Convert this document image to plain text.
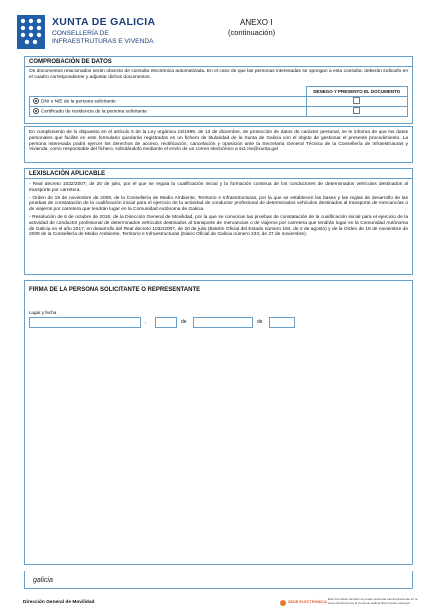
XUNTA DE GALICIA
CONSELLERÍA DE
INFRAESTRUTURAS E VIVENDA
ANEXO I
(continuación)
COMPROBACIÓN DE DATOS
Os documentos relacionados serán obxecto de consulta electrónica automatizada. En el caso de que las personas interesadas se opongan a esta consulta, deberán indicarlo en el cuadro correspondiente y adjuntar dichos documentos.
	DENEGO Y PRESENTO EL DOCUMENTO
DNI o NIE de la persona solicitante	
Certificado de residencia de la persona solicitante	
En cumplimiento de lo dispuesto en el artículo 5 de la Ley orgánica 15/1999, de 13 de diciembre, de protección de datos de carácter personal, se le informa de que los datos personales que facilite en este formulario quedarán registrados en un fichero de titularidad de la Xunta de Galicia con el objeto de gestionar el presente procedimiento. La persona interesada podrá ejercer los derechos de acceso, rectificación, cancelación y oposición ante la Secretaría General Técnica de la Consellería de Infraestruturas y Vivienda, como responsable del fichero, solicitándolo mediante el envío de un correo electrónico a sxt.civi@xunta.gal
LEXISLACIÓN APLICABLE
- Real decreto 1032/2007, de 20 de julio, por el que se regula la cualificación inicial y la formación continua de los conductores de determinados vehículos destinados al transporte por carretera.
- Orden de 19 de noviembre de 2009, de la Consellería de Medio Ambiente, Territorio e Infraestructuras, por la que se establecen las bases y las reglas de desarrollo de las pruebas de constatación de la cualificación inicial para el ejercicio de la actividad de conductor profesional de determinados vehículos destinados al transporte de mercancías o de viajeros por carretera que tendrán lugar en la Comunidad Autónoma de Galicia.
- Resolución de 6 de octubre de 2016, de la Dirección General de Movilidad, por la que se convocan las pruebas de constatación de la cualificación inicial para el ejercicio de la actividad de conductor profesional de determinados vehículos destinados al transporte de mercancías o de viajeros por carretera que tendrán lugar en la Comunidad Autónoma de Galicia en el año 2017, en desarrollo del Real decreto 1032/2007, de 20 de julio (Boletín Oficial del Estado número 184, de 2 de agosto) y de la Orden de 19 de noviembre de 2009 de la Consellería de Medio Ambiente, Territorio e Infraestructuras (Diario Oficial de Galicia número 233, de 27 de noviembre).
FIRMA DE LA PERSONA SOLICITANTE O REPRESENTANTE
Lugar y fecha
,	de	de
galicia
Dirección General de Movilidad	SEDE ELECTRÓNICA
Este formulario también se puede presentar electrónicamente en la sede electrónica de la Xunta de Galicia https://sede.xunta.gal
